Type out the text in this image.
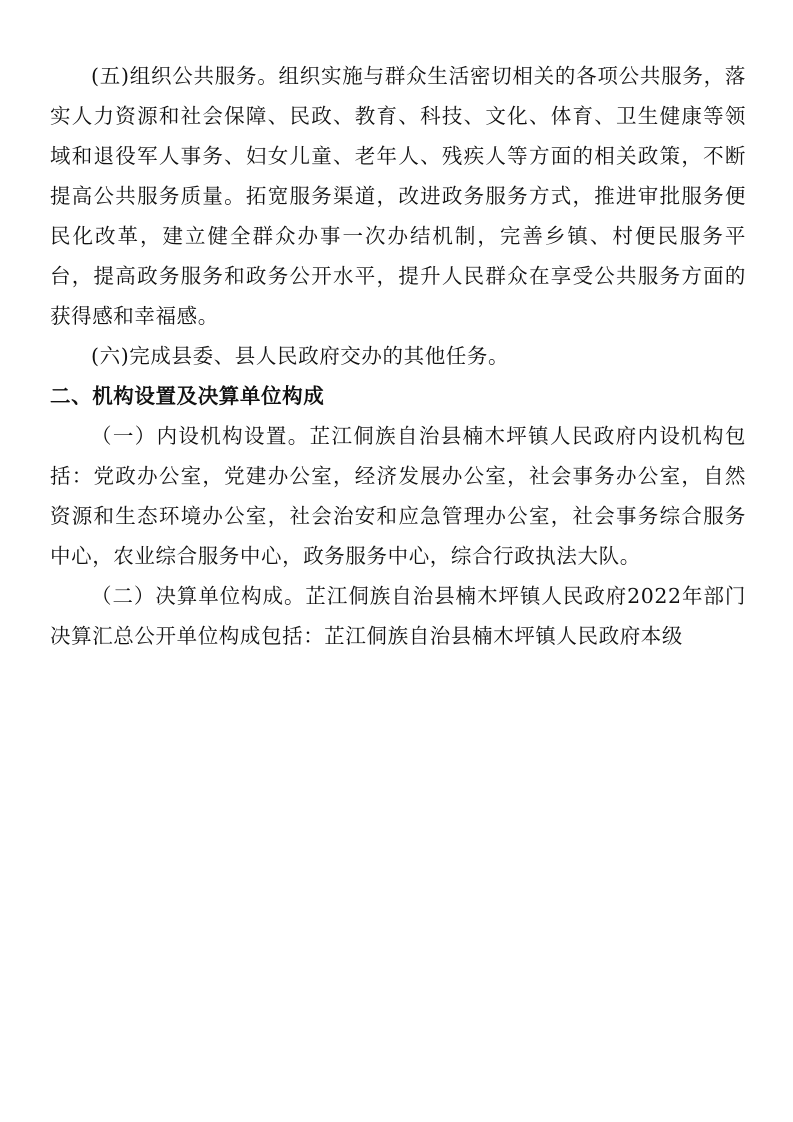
(五)组织公共服务。组织实施与群众生活密切相关的各项公共服务，落实人力资源和社会保障、民政、教育、科技、文化、体育、卫生健康等领域和退役军人事务、妇女儿童、老年人、残疾人等方面的相关政策，不断提高公共服务质量。拓宽服务渠道，改进政务服务方式，推进审批服务便民化改革，建立健全群众办事一次办结机制，完善乡镇、村便民服务平台，提高政务服务和政务公开水平，提升人民群众在享受公共服务方面的获得感和幸福感。

(六)完成县委、县人民政府交办的其他任务。

二、机构设置及决算单位构成

（一）内设机构设置。芷江侗族自治县楠木坪镇人民政府内设机构包括：党政办公室，党建办公室，经济发展办公室，社会事务办公室，自然资源和生态环境办公室，社会治安和应急管理办公室，社会事务综合服务中心，农业综合服务中心，政务服务中心，综合行政执法大队。

（二）决算单位构成。芷江侗族自治县楠木坪镇人民政府2022年部门决算汇总公开单位构成包括：芷江侗族自治县楠木坪镇人民政府本级
